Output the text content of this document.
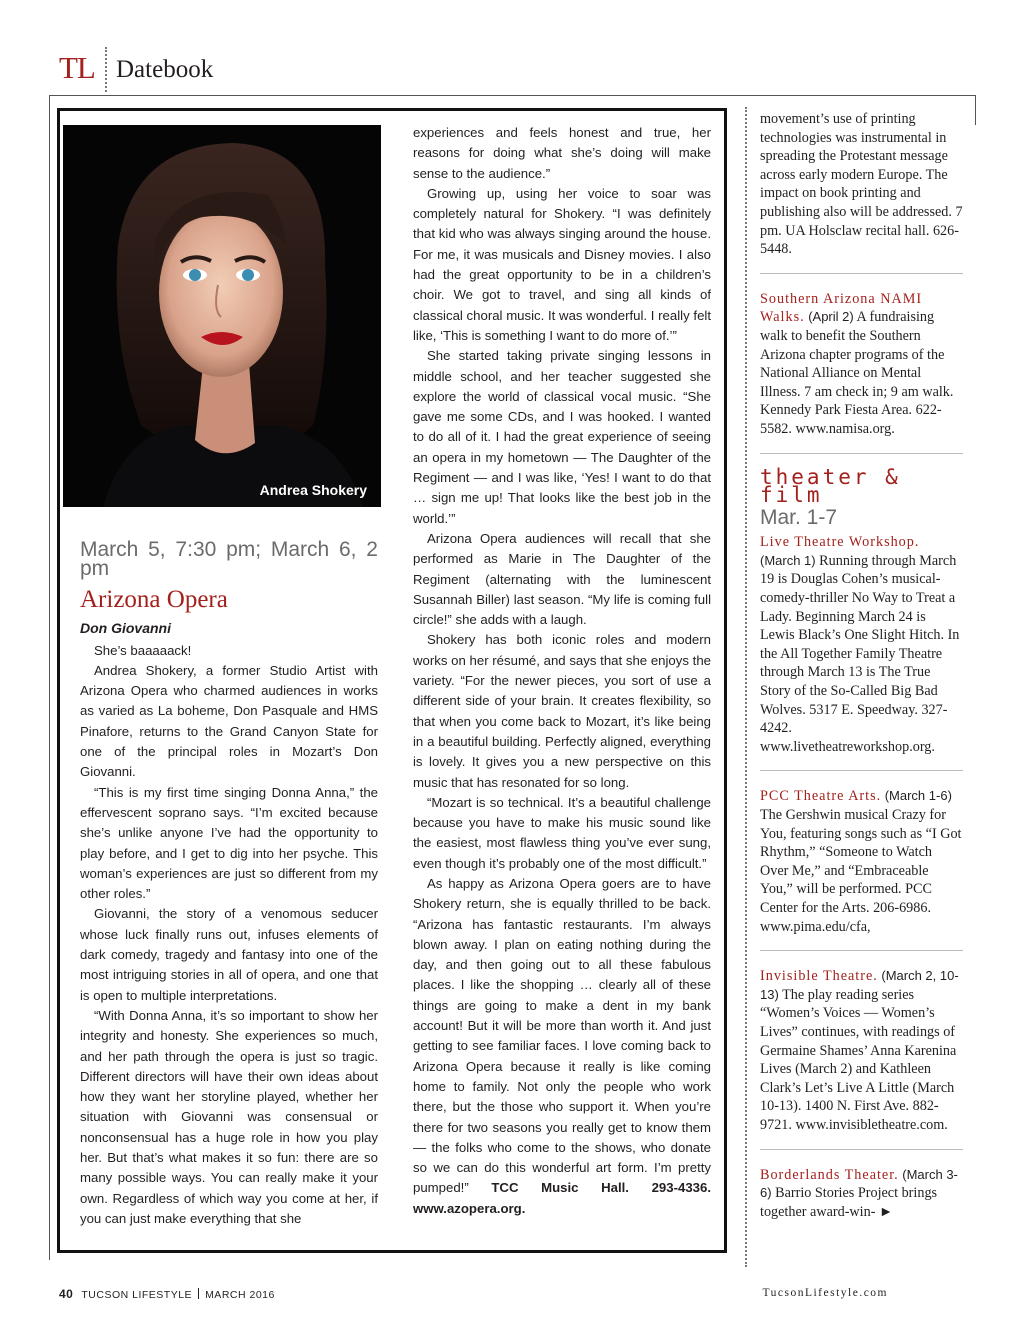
TL Datebook
Andrea Shokery
March 5, 7:30 pm; March 6, 2 pm
Arizona Opera
Don Giovanni

She’s baaaaack!

Andrea Shokery, a former Studio Artist with Arizona Opera who charmed audiences in works as varied as La boheme, Don Pasquale and HMS Pinafore, returns to the Grand Canyon State for one of the principal roles in Mozart’s Don Giovanni.

“This is my first time singing Donna Anna,” the effervescent soprano says. “I’m excited because she’s unlike anyone I’ve had the opportunity to play before, and I get to dig into her psyche. This woman’s experiences are just so different from my other roles.”

Giovanni, the story of a venomous seducer whose luck finally runs out, infuses elements of dark comedy, tragedy and fantasy into one of the most intriguing stories in all of opera, and one that is open to multiple interpretations.

“With Donna Anna, it’s so important to show her integrity and honesty. She experiences so much, and her path through the opera is just so tragic. Different directors will have their own ideas about how they want her storyline played, whether her situation with Giovanni was consensual or nonconsensual has a huge role in how you play her. But that’s what makes it so fun: there are so many possible ways. You can really make it your own. Regardless of which way you come at her, if you can just make everything that she

experiences and feels honest and true, her reasons for doing what she’s doing will make sense to the audience.”

Growing up, using her voice to soar was completely natural for Shokery. “I was definitely that kid who was always singing around the house. For me, it was musicals and Disney movies. I also had the great opportunity to be in a children’s choir. We got to travel, and sing all kinds of classical choral music. It was wonderful. I really felt like, ‘This is something I want to do more of.’”

She started taking private singing lessons in middle school, and her teacher suggested she explore the world of classical vocal music. “She gave me some CDs, and I was hooked. I wanted to do all of it. I had the great experience of seeing an opera in my hometown — The Daughter of the Regiment — and I was like, ‘Yes! I want to do that … sign me up! That looks like the best job in the world.’”

Arizona Opera audiences will recall that she performed as Marie in The Daughter of the Regiment (alternating with the luminescent Susannah Biller) last season. “My life is coming full circle!” she adds with a laugh.

Shokery has both iconic roles and modern works on her résumé, and says that she enjoys the variety. “For the newer pieces, you sort of use a different side of your brain. It creates flexibility, so that when you come back to Mozart, it’s like being in a beautiful building. Perfectly aligned, everything is lovely. It gives you a new perspective on this music that has resonated for so long.

“Mozart is so technical. It’s a beautiful challenge because you have to make his music sound like the easiest, most flawless thing you’ve ever sung, even though it’s probably one of the most difficult.”

As happy as Arizona Opera goers are to have Shokery return, she is equally thrilled to be back. “Arizona has fantastic restaurants. I’m always blown away. I plan on eating nothing during the day, and then going out to all these fabulous places. I like the shopping … clearly all of these things are going to make a dent in my bank account! But it will be more than worth it. And just getting to see familiar faces. I love coming back to Arizona Opera because it really is like coming home to family. Not only the people who work there, but the those who support it. When you’re there for two seasons you really get to know them — the folks who come to the shows, who donate so we can do this wonderful art form. I’m pretty pumped!” TCC Music Hall. 293-4336. www.azopera.org.

movement’s use of printing technologies was instrumental in spreading the Protestant message across early modern Europe. The impact on book printing and publishing also will be addressed. 7 pm. UA Holsclaw recital hall. 626-5448.

Southern Arizona NAMI Walks. (April 2) A fundraising walk to benefit the Southern Arizona chapter programs of the National Alliance on Mental Illness. 7 am check in; 9 am walk. Kennedy Park Fiesta Area. 622-5582. www.namisa.org.

theater & film
Mar. 1-7

Live Theatre Workshop. (March 1) Running through March 19 is Douglas Cohen’s musical-comedy-thriller No Way to Treat a Lady. Beginning March 24 is Lewis Black’s One Slight Hitch. In the All Together Family Theatre through March 13 is The True Story of the So-Called Big Bad Wolves. 5317 E. Speedway. 327-4242. www.livetheatreworkshop.org.

PCC Theatre Arts. (March 1-6) The Gershwin musical Crazy for You, featuring songs such as “I Got Rhythm,” “Someone to Watch Over Me,” and “Embraceable You,” will be performed. PCC Center for the Arts. 206-6986. www.pima.edu/cfa,

Invisible Theatre. (March 2, 10-13) The play reading series “Women’s Voices — Women’s Lives” continues, with readings of Germaine Shames’ Anna Karenina Lives (March 2) and Kathleen Clark’s Let’s Live A Little (March 10-13). 1400 N. First Ave. 882-9721. www.invisibletheatre.com.

Borderlands Theater. (March 3-6) Barrio Stories Project brings together award-win- ►

40 TUCSON LIFESTYLE MARCH 2016	TucsonLifestyle.com
